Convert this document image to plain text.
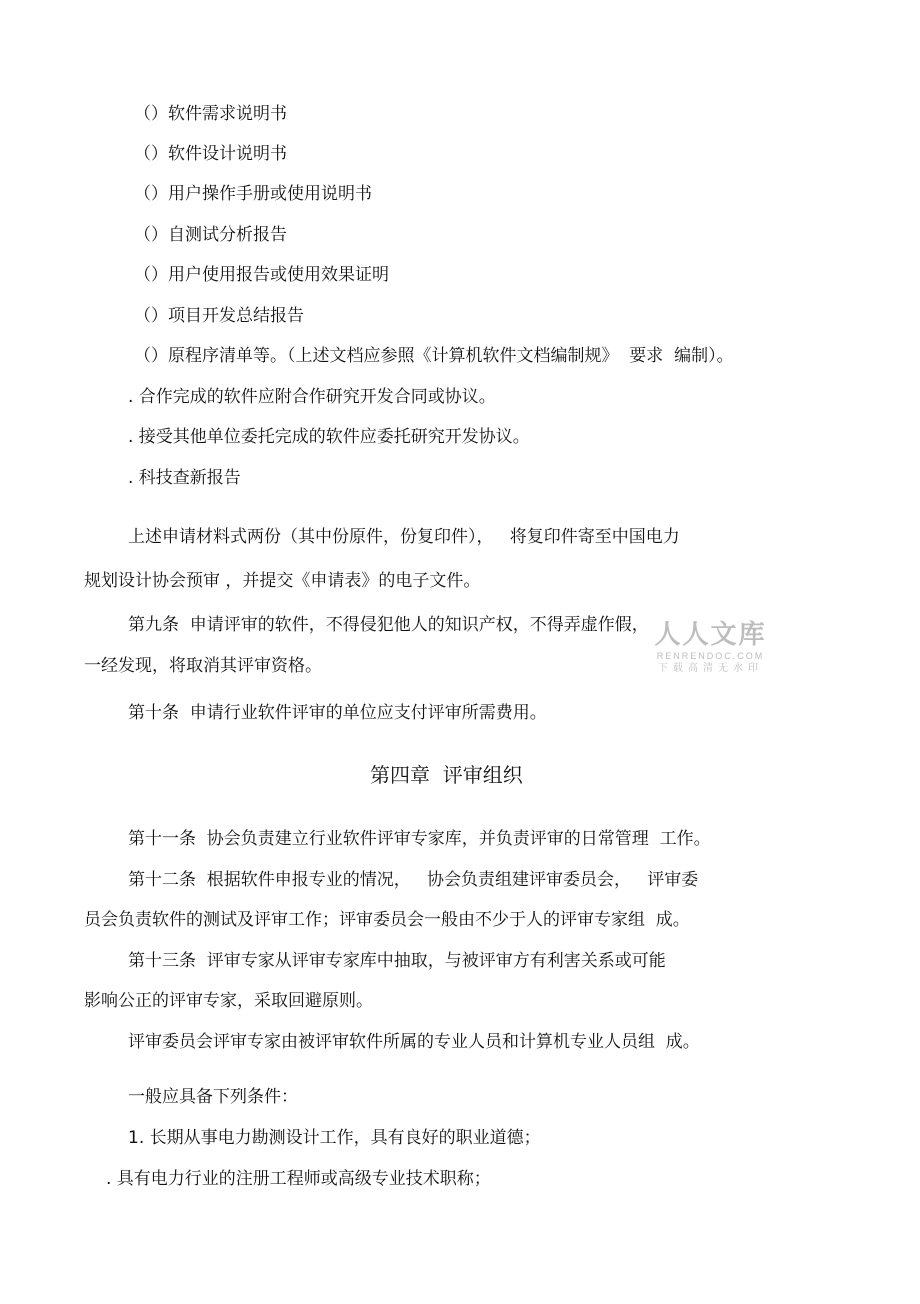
（）软件需求说明书
（）软件设计说明书
（）用户操作手册或使用说明书
（）自测试分析报告
（）用户使用报告或使用效果证明
（）项目开发总结报告
（）原程序清单等。（上述文档应参照《计算机软件文档编制规》  要求  编制）。
. 合作完成的软件应附合作研究开发合同或协议。
. 接受其他单位委托完成的软件应委托研究开发协议。
. 科技查新报告
上述申请材料式两份（其中份原件，份复印件），   将复印件寄至中国电力
规划设计协会预审 ，并提交《申请表》的电子文件。
第九条  申请评审的软件，不得侵犯他人的知识产权，不得弄虚作假，
一经发现，将取消其评审资格。
第十条  申请行业软件评审的单位应支付评审所需费用。
第四章  评审组织
第十一条  协会负责建立行业软件评审专家库，并负责评审的日常管理  工作。
第十二条  根据软件申报专业的情况，   协会负责组建评审委员会，   评审委
员会负责软件的测试及评审工作；评审委员会一般由不少于人的评审专家组  成。
第十三条  评审专家从评审专家库中抽取，与被评审方有利害关系或可能
影响公正的评审专家，采取回避原则。
评审委员会评审专家由被评审软件所属的专业人员和计算机专业人员组  成。
一般应具备下列条件：
1. 长期从事电力勘测设计工作，具有良好的职业道德；
. 具有电力行业的注册工程师或高级专业技术职称；
人人文库
RENRENDOC.COM
下载高清无水印
